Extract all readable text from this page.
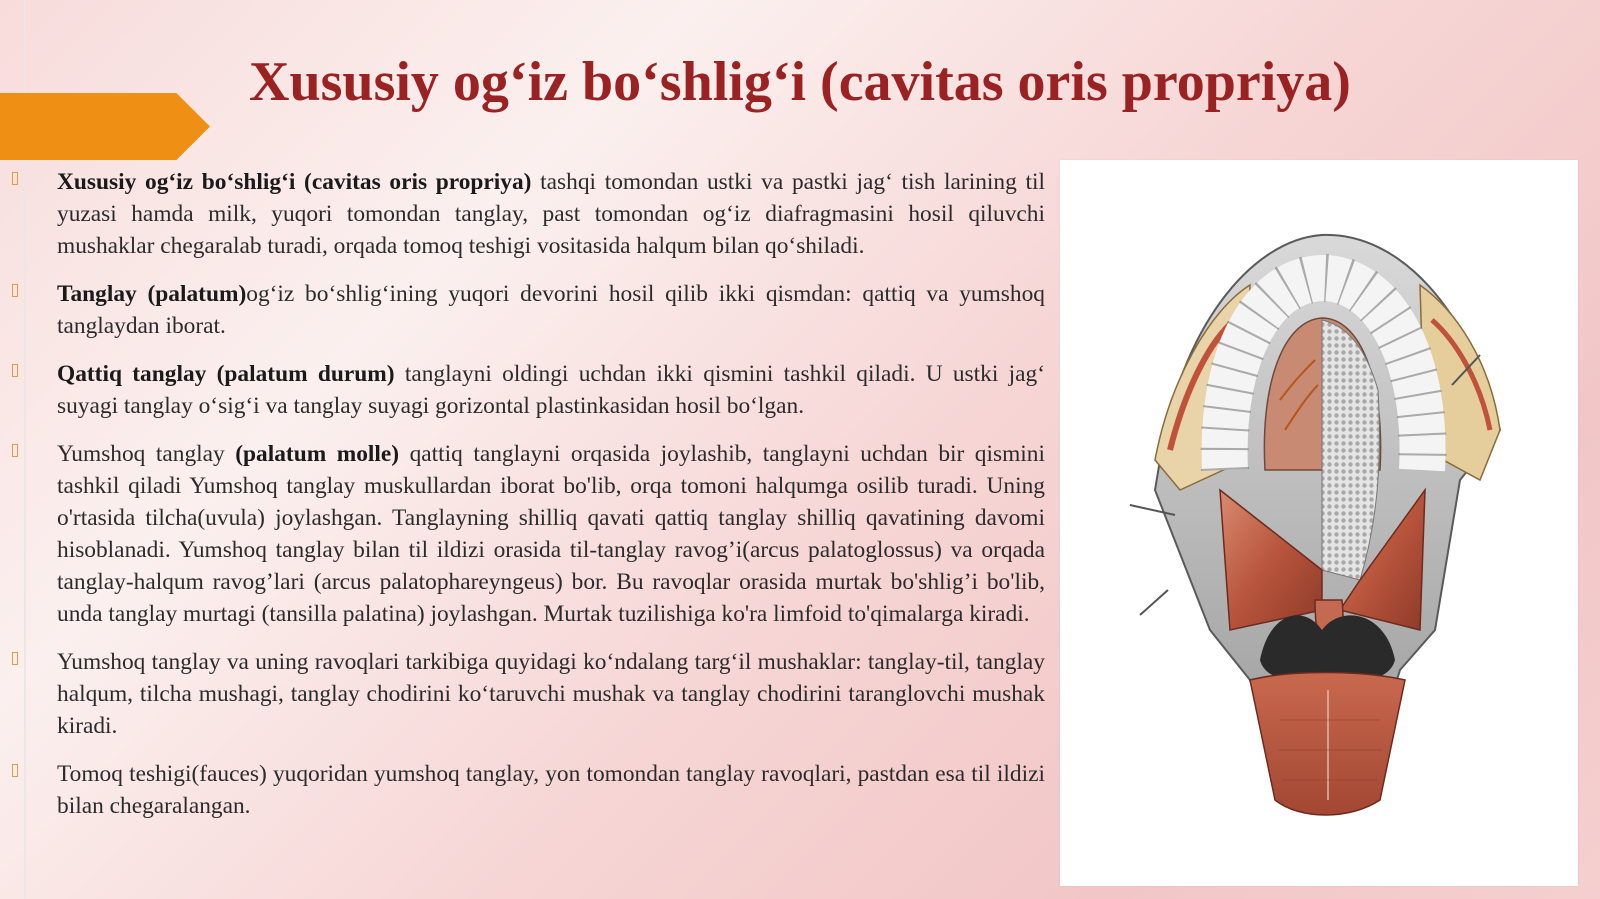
Xususiy og‘iz bo‘shlig‘i (cavitas oris propriya)

Xususiy og‘iz bo‘shlig‘i (cavitas oris propriya) tashqi tomondan ustki va pastki jag‘ tish larining til yuzasi hamda milk, yuqori tomondan tanglay, past tomondan og‘iz diafragmasini hosil qiluvchi mushaklar chegaralab turadi, orqada tomoq teshigi vositasida halqum bilan qo‘shiladi.

Tanglay (palatum)og‘iz bo‘shlig‘ining yuqori devorini hosil qilib ikki qismdan: qattiq va yumshoq tanglaydan iborat.

Qattiq tanglay (palatum durum) tanglayni oldingi uchdan ikki qismini tashkil qiladi. U ustki jag‘ suyagi tanglay o‘sig‘i va tanglay suyagi gorizontal plastinkasidan hosil bo‘lgan.

Yumshoq tanglay (palatum molle) qattiq tanglayni orqasida joylashib, tanglayni uchdan bir qismini tashkil qiladi Yumshoq tanglay muskullardan iborat bo'lib, orqa tomoni halqumga osilib turadi. Uning o'rtasida tilcha(uvula) joylashgan. Tanglayning shilliq qavati qattiq tanglay shilliq qavatining davomi hisoblanadi. Yumshoq tanglay bilan til ildizi orasida til-tanglay ravog’i(arcus palatoglossus) va orqada tanglay-halqum ravog’lari (arcus palatophareyngeus) bor. Bu ravoqlar orasida murtak bo'shlig’i bo'lib, unda tanglay murtagi (tansilla palatina) joylashgan. Murtak tuzilishiga ko'ra limfoid to'qimalarga kiradi.

Yumshoq tanglay va uning ravoqlari tarkibiga quyidagi ko‘ndalang targ‘il mushaklar: tanglay-til, tanglay halqum, tilcha mushagi, tanglay chodirini ko‘taruvchi mushak va tanglay chodirini taranglovchi mushak kiradi.

Tomoq teshigi(fauces) yuqoridan yumshoq tanglay, yon tomondan tanglay ravoqlari, pastdan esa til ildizi bilan chegaralangan.
